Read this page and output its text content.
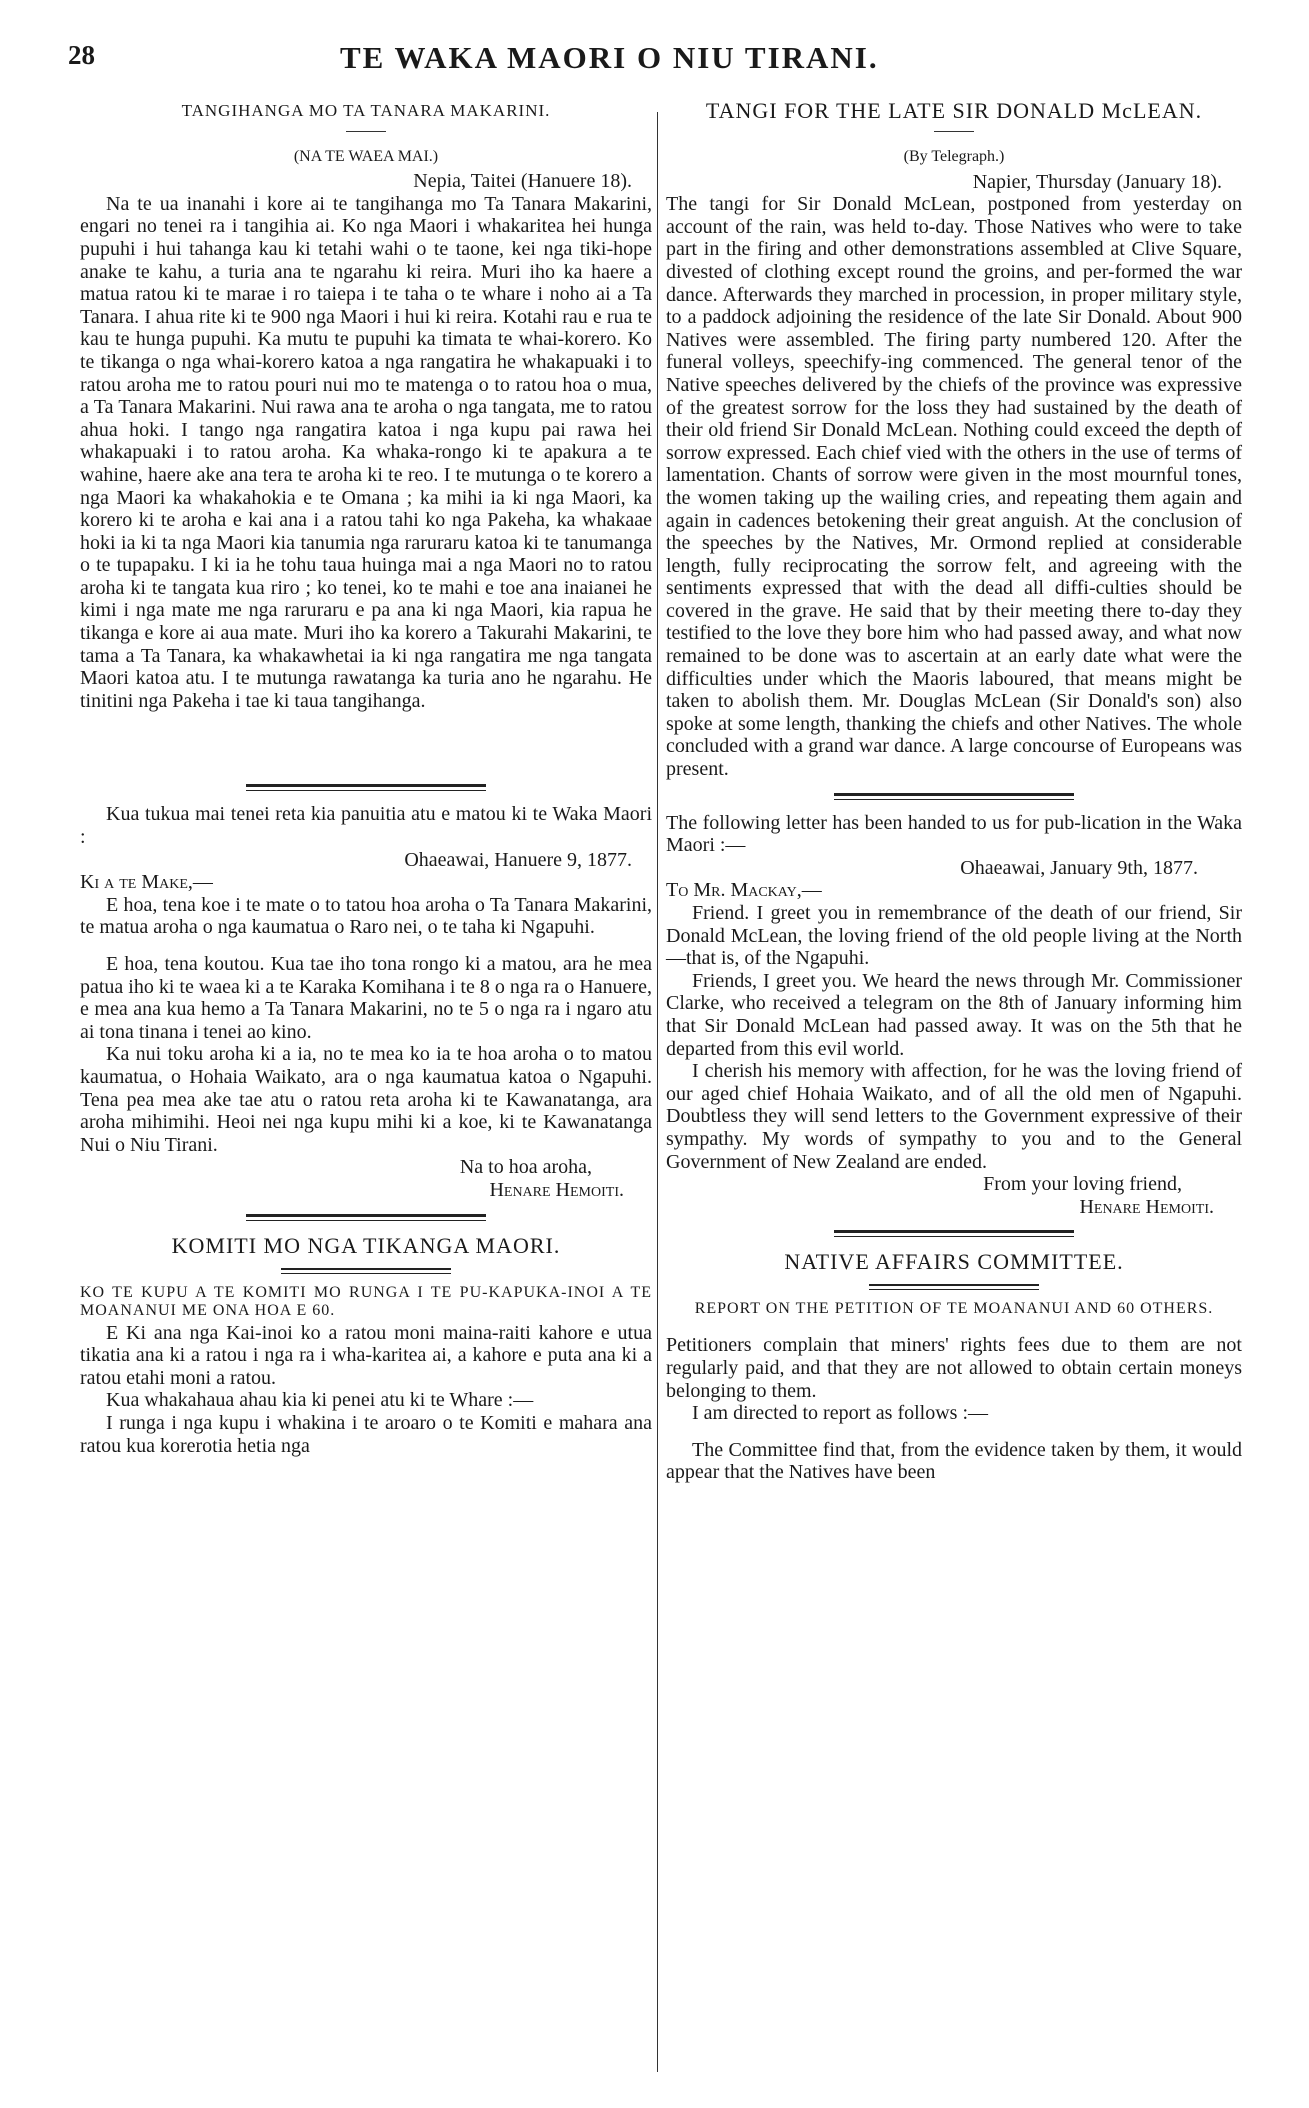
28	TE WAKA MAORI O NIU TIRANI.
TANGIHANGA MO TA TANARA MAKARINI.
(NA TE WAEA MAI.)

Nepia, Taitei (Hanuere 18).

Na te ua inanahi i kore ai te tangihanga mo Ta Tanara Makarini, engari no tenei ra i tangihia ai. Ko nga Maori i whakaritea hei hunga pupuhi i hui tahanga kau ki tetahi wahi o te taone, kei nga tiki-hope anake te kahu, a turia ana te ngarahu ki reira. Muri iho ka haere a matua ratou ki te marae i ro taiepa i te taha o te whare i noho ai a Ta Tanara. I ahua rite ki te 900 nga Maori i hui ki reira. Kotahi rau e rua te kau te hunga pupuhi. Ka mutu te pupuhi ka timata te whai-korero. Ko te tikanga o nga whai-korero katoa a nga rangatira he whakapuaki i to ratou aroha me to ratou pouri nui mo te matenga o to ratou hoa o mua, a Ta Tanara Makarini. Nui rawa ana te aroha o nga tangata, me to ratou ahua hoki. I tango nga rangatira katoa i nga kupu pai rawa hei whakapuaki i to ratou aroha. Ka whaka-rongo ki te apakura a te wahine, haere ake ana tera te aroha ki te reo. I te mutunga o te korero a nga Maori ka whakahokia e te Omana ; ka mihi ia ki nga Maori, ka korero ki te aroha e kai ana i a ratou tahi ko nga Pakeha, ka whakaae hoki ia ki ta nga Maori kia tanumia nga raruraru katoa ki te tanumanga o te tupapaku. I ki ia he tohu taua huinga mai a nga Maori no to ratou aroha ki te tangata kua riro ; ko tenei, ko te mahi e toe ana inaianei he kimi i nga mate me nga raruraru e pa ana ki nga Maori, kia rapua he tikanga e kore ai aua mate. Muri iho ka korero a Takurahi Makarini, te tama a Ta Tanara, ka whakawhetai ia ki nga rangatira me nga tangata Maori katoa atu. I te mutunga rawatanga ka turia ano he ngarahu. He tinitini nga Pakeha i tae ki taua tangihanga.

Kua tukua mai tenei reta kia panuitia atu e matou ki te Waka Maori :

Ohaeawai, Hanuere 9, 1877.

Ki a te Make,—

E hoa, tena koe i te mate o to tatou hoa aroha o Ta Tanara Makarini, te matua aroha o nga kaumatua o Raro nei, o te taha ki Ngapuhi.

E hoa, tena koutou. Kua tae iho tona rongo ki a matou, ara he mea patua iho ki te waea ki a te Karaka Komihana i te 8 o nga ra o Hanuere, e mea ana kua hemo a Ta Tanara Makarini, no te 5 o nga ra i ngaro atu ai tona tinana i tenei ao kino.

Ka nui toku aroha ki a ia, no te mea ko ia te hoa aroha o to matou kaumatua, o Hohaia Waikato, ara o nga kaumatua katoa o Ngapuhi. Tena pea mea ake tae atu o ratou reta aroha ki te Kawanatanga, ara aroha mihimihi. Heoi nei nga kupu mihi ki a koe, ki te Kawanatanga Nui o Niu Tirani.

Na to hoa aroha,

Henare Hemoiti.

KOMITI MO NGA TIKANGA MAORI.

KO TE KUPU A TE KOMITI MO RUNGA I TE PU-KAPUKA-INOI A TE MOANANUI ME ONA HOA E 60.

E Ki ana nga Kai-inoi ko a ratou moni maina-raiti kahore e utua tikatia ana ki a ratou i nga ra i wha-karitea ai, a kahore e puta ana ki a ratou etahi moni a ratou.

Kua whakahaua ahau kia ki penei atu ki te Whare :—

I runga i nga kupu i whakina i te aroaro o te Komiti e mahara ana ratou kua korerotia hetia nga

TANGI FOR THE LATE SIR DONALD McLEAN.
(By Telegraph.)

Napier, Thursday (January 18).

The tangi for Sir Donald McLean, postponed from yesterday on account of the rain, was held to-day. Those Natives who were to take part in the firing and other demonstrations assembled at Clive Square, divested of clothing except round the groins, and per-formed the war dance. Afterwards they marched in procession, in proper military style, to a paddock adjoining the residence of the late Sir Donald. About 900 Natives were assembled. The firing party numbered 120. After the funeral volleys, speechify-ing commenced. The general tenor of the Native speeches delivered by the chiefs of the province was expressive of the greatest sorrow for the loss they had sustained by the death of their old friend Sir Donald McLean. Nothing could exceed the depth of sorrow expressed. Each chief vied with the others in the use of terms of lamentation. Chants of sorrow were given in the most mournful tones, the women taking up the wailing cries, and repeating them again and again in cadences betokening their great anguish. At the conclusion of the speeches by the Natives, Mr. Ormond replied at considerable length, fully reciprocating the sorrow felt, and agreeing with the sentiments expressed that with the dead all diffi-culties should be covered in the grave. He said that by their meeting there to-day they testified to the love they bore him who had passed away, and what now remained to be done was to ascertain at an early date what were the difficulties under which the Maoris laboured, that means might be taken to abolish them. Mr. Douglas McLean (Sir Donald's son) also spoke at some length, thanking the chiefs and other Natives. The whole concluded with a grand war dance. A large concourse of Europeans was present.

The following letter has been handed to us for pub-lication in the Waka Maori :—

Ohaeawai, January 9th, 1877.

To Mr. Mackay,—

Friend. I greet you in remembrance of the death of our friend, Sir Donald McLean, the loving friend of the old people living at the North—that is, of the Ngapuhi.

Friends, I greet you. We heard the news through Mr. Commissioner Clarke, who received a telegram on the 8th of January informing him that Sir Donald McLean had passed away. It was on the 5th that he departed from this evil world.

I cherish his memory with affection, for he was the loving friend of our aged chief Hohaia Waikato, and of all the old men of Ngapuhi. Doubtless they will send letters to the Government expressive of their sympathy. My words of sympathy to you and to the General Government of New Zealand are ended.

From your loving friend,

Henare Hemoiti.

NATIVE AFFAIRS COMMITTEE.

REPORT ON THE PETITION OF TE MOANANUI AND 60 OTHERS.

Petitioners complain that miners' rights fees due to them are not regularly paid, and that they are not allowed to obtain certain moneys belonging to them.

I am directed to report as follows :—

The Committee find that, from the evidence taken by them, it would appear that the Natives have been
